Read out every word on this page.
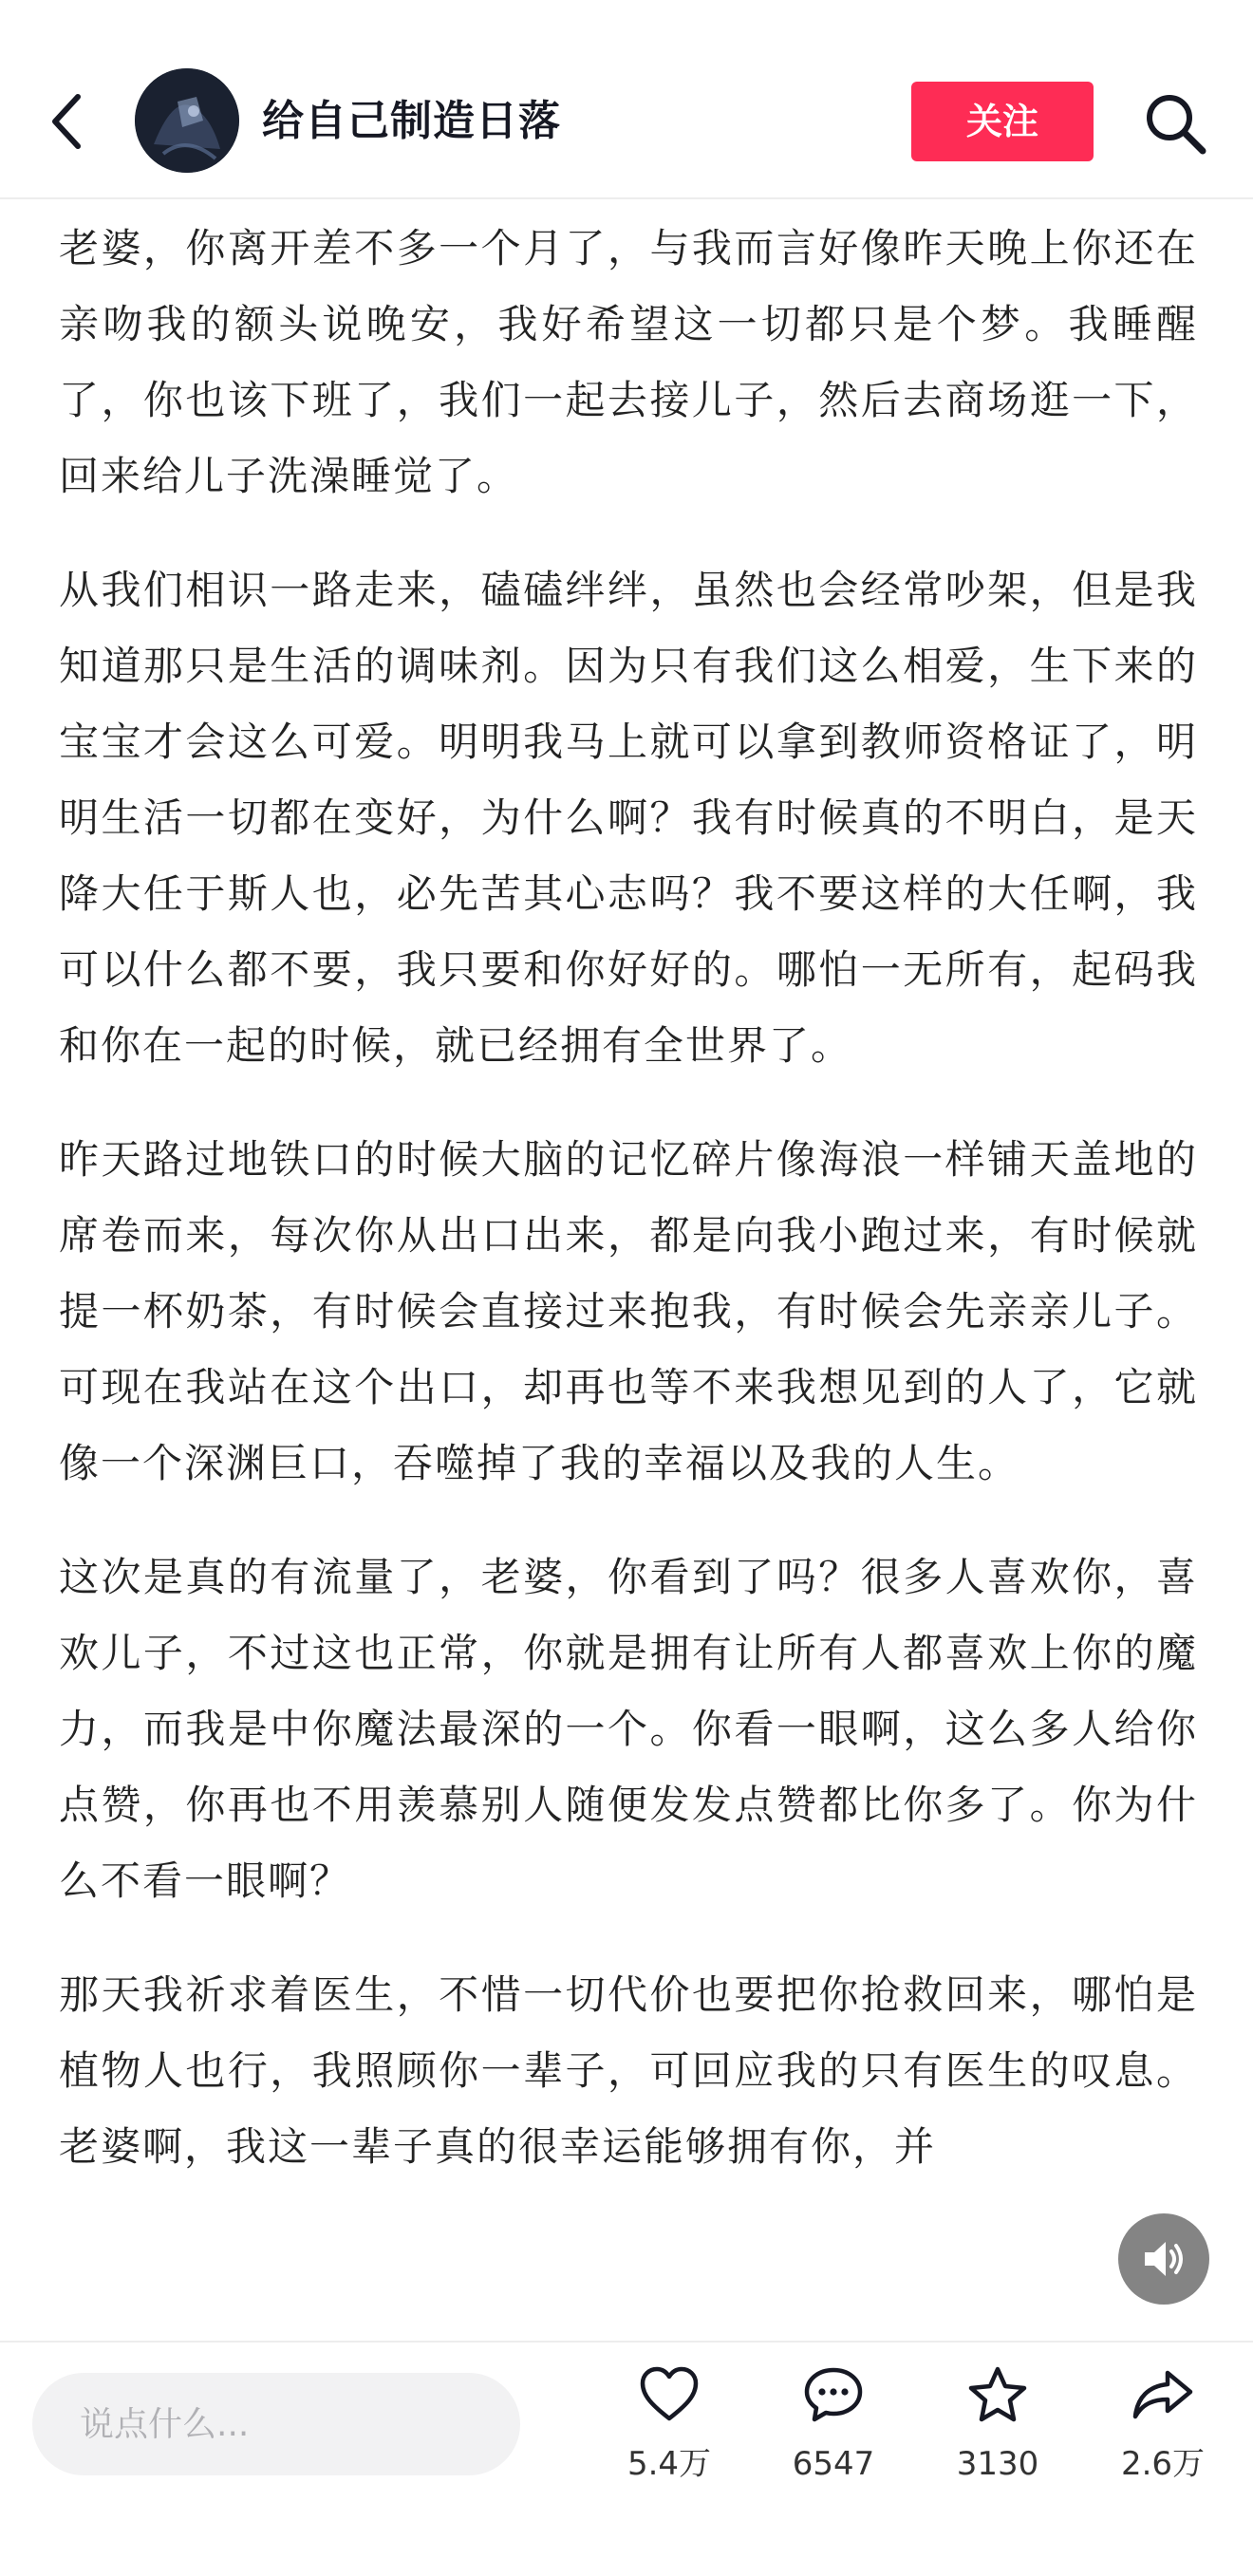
给自己制造日落	关注

老婆，你离开差不多一个月了，与我而言好像昨天晚上你还在亲吻我的额头说晚安，我好希望这一切都只是个梦。我睡醒了，你也该下班了，我们一起去接儿子，然后去商场逛一下，回来给儿子洗澡睡觉了。

从我们相识一路走来，磕磕绊绊，虽然也会经常吵架，但是我知道那只是生活的调味剂。因为只有我们这么相爱，生下来的宝宝才会这么可爱。明明我马上就可以拿到教师资格证了，明明生活一切都在变好，为什么啊？我有时候真的不明白，是天降大任于斯人也，必先苦其心志吗？我不要这样的大任啊，我可以什么都不要，我只要和你好好的。哪怕一无所有，起码我和你在一起的时候，就已经拥有全世界了。

昨天路过地铁口的时候大脑的记忆碎片像海浪一样铺天盖地的席卷而来，每次你从出口出来，都是向我小跑过来，有时候就提一杯奶茶，有时候会直接过来抱我，有时候会先亲亲儿子。可现在我站在这个出口，却再也等不来我想见到的人了，它就像一个深渊巨口，吞噬掉了我的幸福以及我的人生。

这次是真的有流量了，老婆，你看到了吗？很多人喜欢你，喜欢儿子，不过这也正常，你就是拥有让所有人都喜欢上你的魔力，而我是中你魔法最深的一个。你看一眼啊，这么多人给你点赞，你再也不用羡慕别人随便发发点赞都比你多了。你为什么不看一眼啊？

那天我祈求着医生，不惜一切代价也要把你抢救回来，哪怕是植物人也行，我照顾你一辈子，可回应我的只有医生的叹息。老婆啊，我这一辈子真的很幸运能够拥有你，并

说点什么...
5.4万	6547	3130	2.6万
